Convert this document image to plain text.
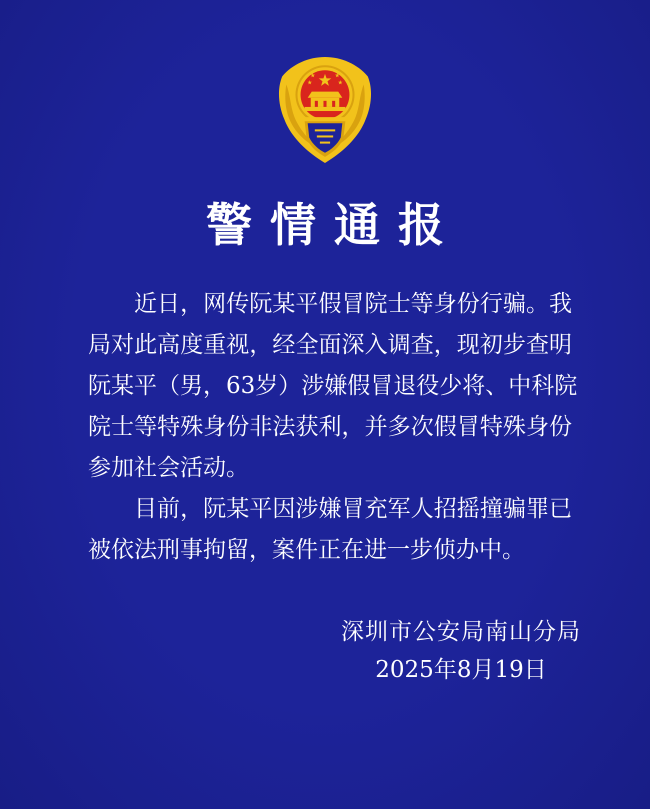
警情通报
近日，网传阮某平假冒院士等身份行骗。我
局对此高度重视，经全面深入调查，现初步查明
阮某平（男，63岁）涉嫌假冒退役少将、中科院
院士等特殊身份非法获利，并多次假冒特殊身份
参加社会活动。
目前，阮某平因涉嫌冒充军人招摇撞骗罪已
被依法刑事拘留，案件正在进一步侦办中。
深圳市公安局南山分局
2025年8月19日
